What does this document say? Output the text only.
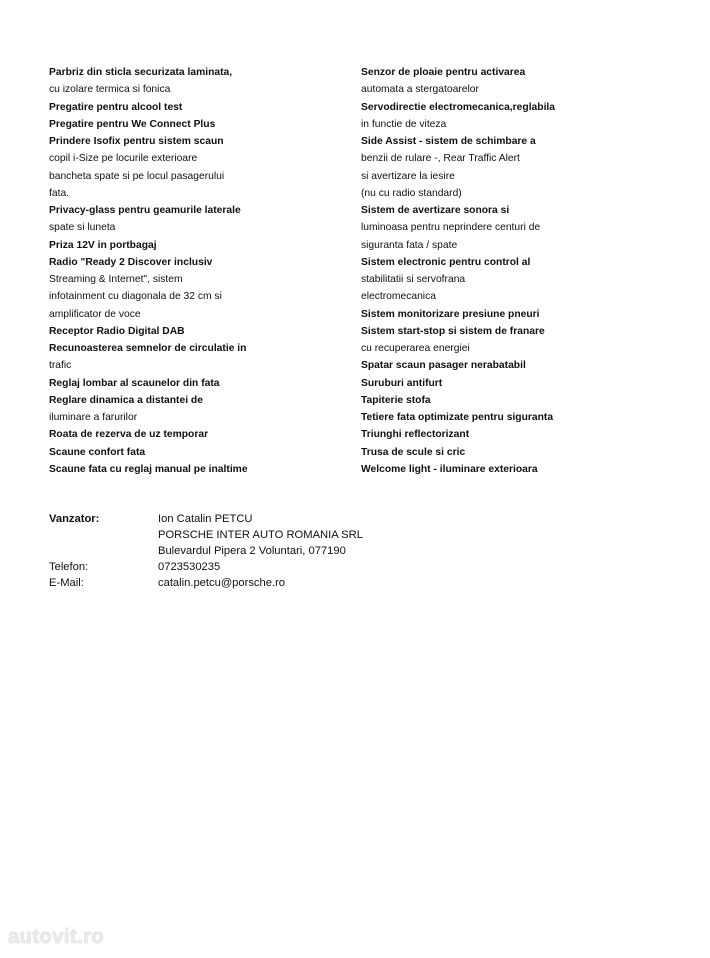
Parbriz din sticla securizata laminata,
cu izolare termica si fonica
Pregatire pentru alcool test
Pregatire pentru We Connect Plus
Prindere Isofix pentru sistem scaun
copil i-Size pe locurile exterioare
bancheta spate si pe locul pasagerului
fata.
Privacy-glass pentru geamurile laterale
spate si luneta
Priza 12V in portbagaj
Radio "Ready 2 Discover inclusiv
Streaming & Internet", sistem
infotainment cu diagonala de 32 cm si
amplificator de voce
Receptor Radio Digital DAB
Recunoasterea semnelor de circulatie in
trafic
Reglaj lombar al scaunelor din fata
Reglare dinamica a distantei de
iluminare a farurilor
Roata de rezerva de uz temporar
Scaune confort fata
Scaune fata cu reglaj manual pe inaltime
Senzor de ploaie pentru activarea
automata a stergatoarelor
Servodirectie electromecanica,reglabila
in functie de viteza
Side Assist - sistem de schimbare a
benzii de rulare -, Rear Traffic Alert
si avertizare la iesire
(nu cu radio standard)
Sistem de avertizare sonora si
luminoasa pentru neprindere centuri de
siguranta fata / spate
Sistem electronic pentru control al
stabilitatii si servofrana
electromecanica
Sistem monitorizare presiune pneuri
Sistem start-stop si sistem de franare
cu recuperarea energiei
Spatar scaun pasager nerabatabil
Suruburi antifurt
Tapiterie stofa
Tetiere fata optimizate pentru siguranta
Triunghi reflectorizant
Trusa de scule si cric
Welcome light - iluminare exterioara
Vanzator:	Ion Catalin PETCU
PORSCHE INTER AUTO ROMANIA SRL
Bulevardul Pipera 2 Voluntari, 077190
Telefon:	0723530235
E-Mail:	catalin.petcu@porsche.ro
autovit.ro
